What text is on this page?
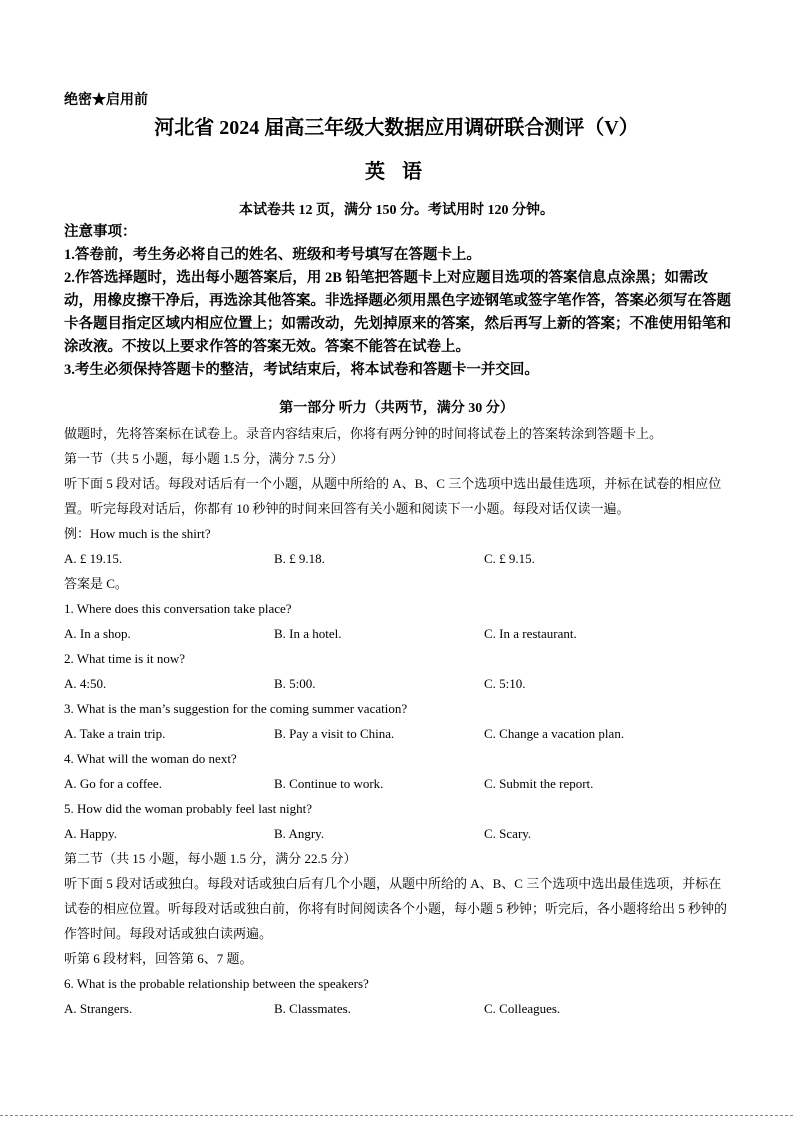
绝密★启用前
河北省 2024 届高三年级大数据应用调研联合测评（V）
英 语
本试卷共 12 页，满分 150 分。考试用时 120 分钟。

注意事项：

1.答卷前，考生务必将自己的姓名、班级和考号填写在答题卡上。

2.作答选择题时，选出每小题答案后，用 2B 铅笔把答题卡上对应题目选项的答案信息点涂黑；如需改动，用橡皮擦干净后，再选涂其他答案。非选择题必须用黑色字迹钢笔或签字笔作答，答案必须写在答题卡各题目指定区域内相应位置上；如需改动，先划掉原来的答案，然后再写上新的答案；不准使用铅笔和涂改液。不按以上要求作答的答案无效。答案不能答在试卷上。

3.考生必须保持答题卡的整洁，考试结束后，将本试卷和答题卡一并交回。

第一部分 听力（共两节，满分 30 分）

做题时，先将答案标在试卷上。录音内容结束后，你将有两分钟的时间将试卷上的答案转涂到答题卡上。

第一节（共 5 小题，每小题 1.5 分，满分 7.5 分）

听下面 5 段对话。每段对话后有一个小题，从题中所给的 A、B、C 三个选项中选出最佳选项，并标在试卷的相应位置。听完每段对话后，你都有 10 秒钟的时间来回答有关小题和阅读下一小题。每段对话仅读一遍。

例：How much is the shirt?

A. £ 19.15.	B. £ 9.18.	C. £ 9.15.

答案是 C。

1. Where does this conversation take place?

A. In a shop.	B. In a hotel.	C. In a restaurant.

2. What time is it now?

A. 4:50.	B. 5:00.	C. 5:10.

3. What is the man’s suggestion for the coming summer vacation?

A. Take a train trip.	B. Pay a visit to China.	C. Change a vacation plan.

4. What will the woman do next?

A. Go for a coffee.	B. Continue to work.	C. Submit the report.

5. How did the woman probably feel last night?

A. Happy.	B. Angry.	C. Scary.

第二节（共 15 小题，每小题 1.5 分，满分 22.5 分）

听下面 5 段对话或独白。每段对话或独白后有几个小题，从题中所给的 A、B、C 三个选项中选出最佳选项，并标在试卷的相应位置。听每段对话或独白前，你将有时间阅读各个小题，每小题 5 秒钟；听完后，各小题将给出 5 秒钟的作答时间。每段对话或独白读两遍。

听第 6 段材料，回答第 6、7 题。

6. What is the probable relationship between the speakers?

A. Strangers.	B. Classmates.	C. Colleagues.
